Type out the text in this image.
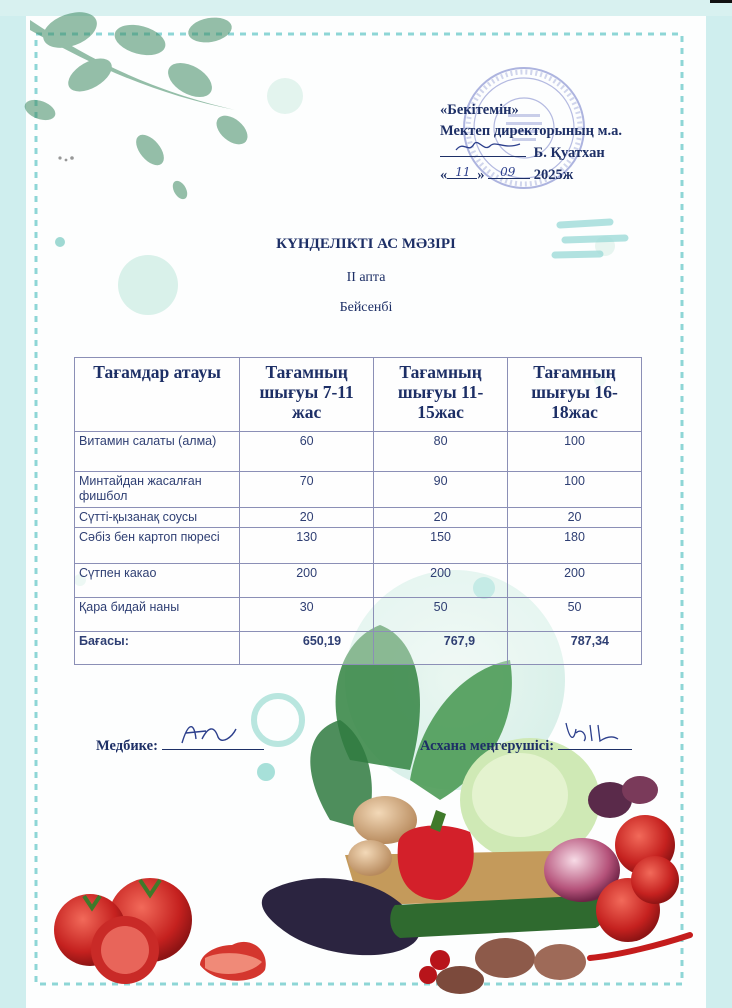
«Бекітемін»
Мектеп директорының м.а.
Б. Қуатхан
« 11 » 09 2025ж
КҮНДЕЛІКТІ АС МӘЗІРІ
II апта
Бейсенбі
Тағамдар атауы	Тағамның шығуы 7-11 жас	Тағамның шығуы 11-15жас	Тағамның шығуы 16-18жас
Витамин салаты (алма)	60	80	100
Минтайдан жасалған фишбол	70	90	100
Сүтті-қызанақ соусы	20	20	20
Сәбіз бен картоп пюресі	130	150	180
Сүтпен какао	200	200	200
Қара бидай наны	30	50	50
Бағасы:	650,19	767,9	787,34
Медбике:	Асхана меңгерушісі:
